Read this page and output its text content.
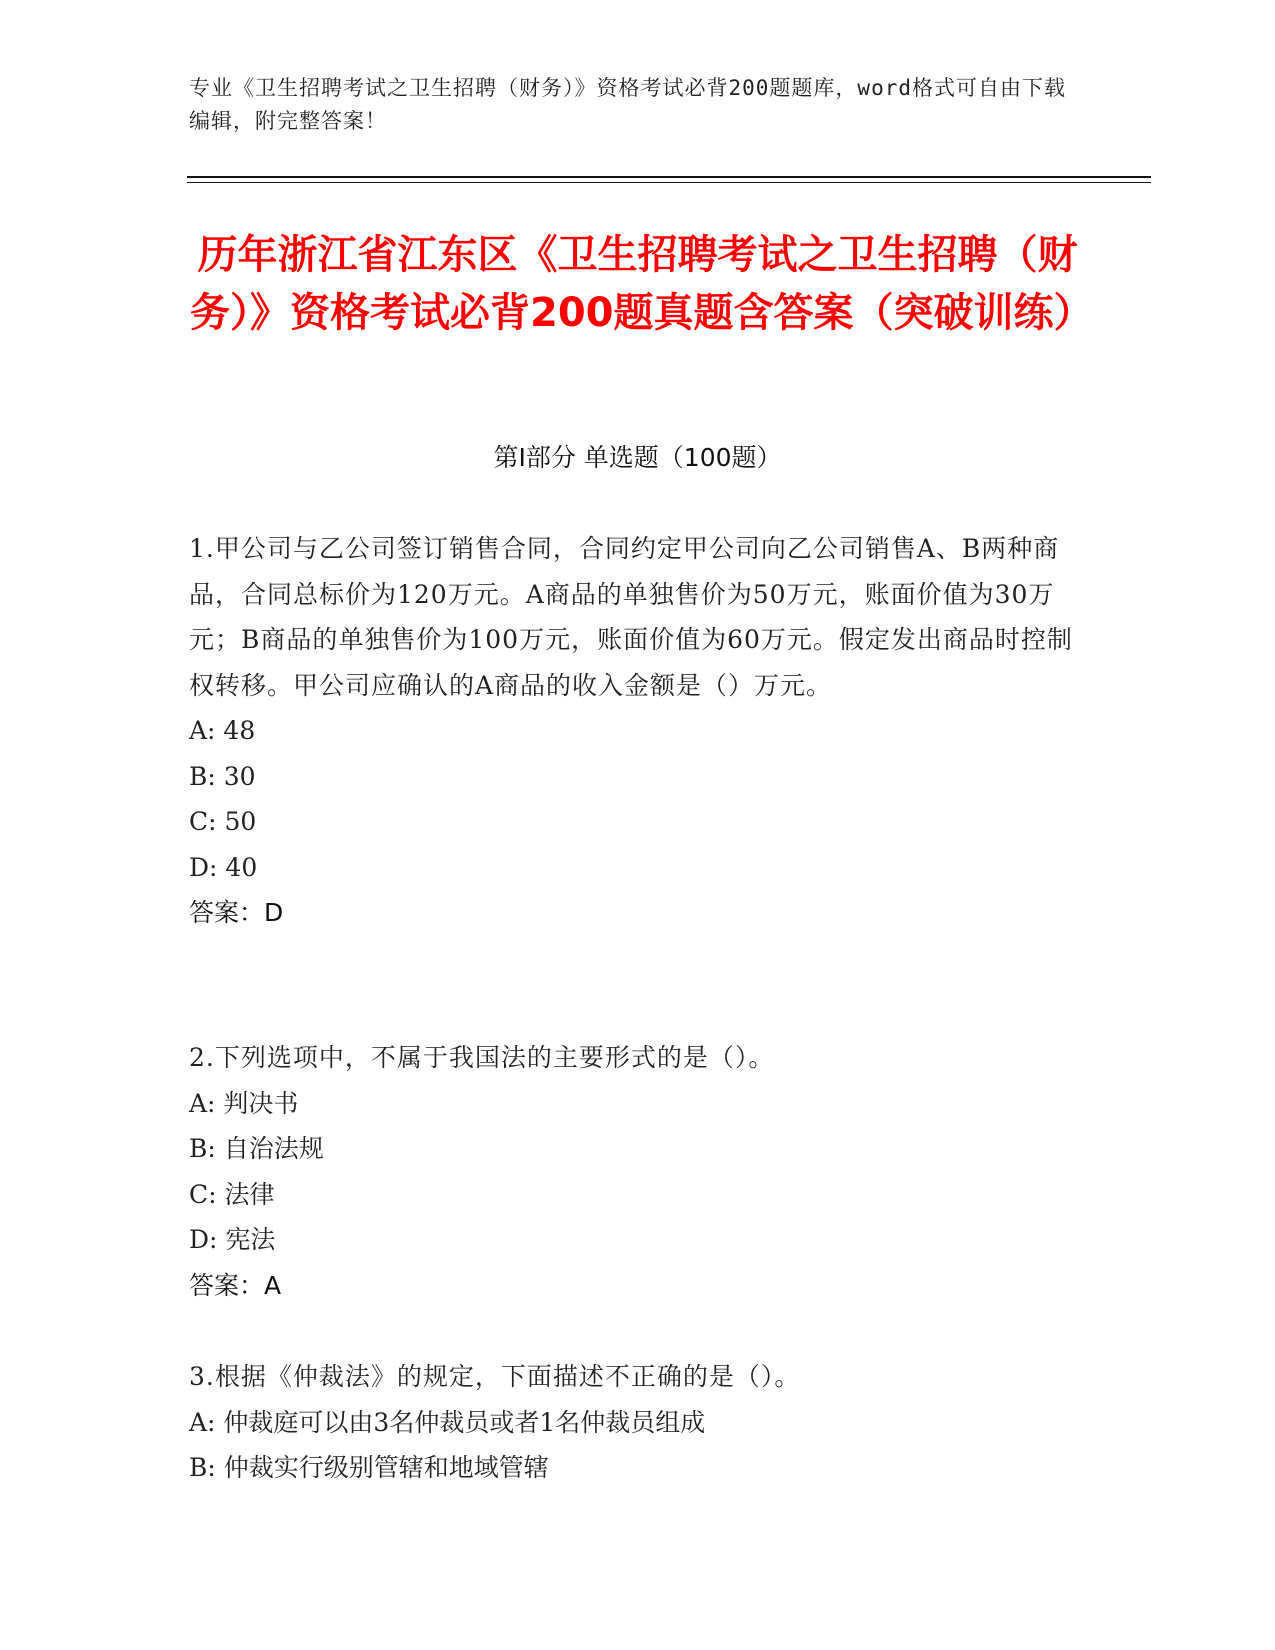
专业《卫生招聘考试之卫生招聘（财务）》资格考试必背200题题库，word格式可自由下载编辑，附完整答案！
历年浙江省江东区《卫生招聘考试之卫生招聘（财务）》资格考试必背200题真题含答案（突破训练）
第I部分 单选题（100题）
1.甲公司与乙公司签订销售合同，合同约定甲公司向乙公司销售A、B两种商品，合同总标价为120万元。A商品的单独售价为50万元，账面价值为30万元；B商品的单独售价为100万元，账面价值为60万元。假定发出商品时控制权转移。甲公司应确认的A商品的收入金额是（）万元。
A: 48
B: 30
C: 50
D: 40
答案：D
2.下列选项中，不属于我国法的主要形式的是（）。
A: 判决书
B: 自治法规
C: 法律
D: 宪法
答案：A
3.根据《仲裁法》的规定，下面描述不正确的是（）。
A: 仲裁庭可以由3名仲裁员或者1名仲裁员组成
B: 仲裁实行级别管辖和地域管辖
